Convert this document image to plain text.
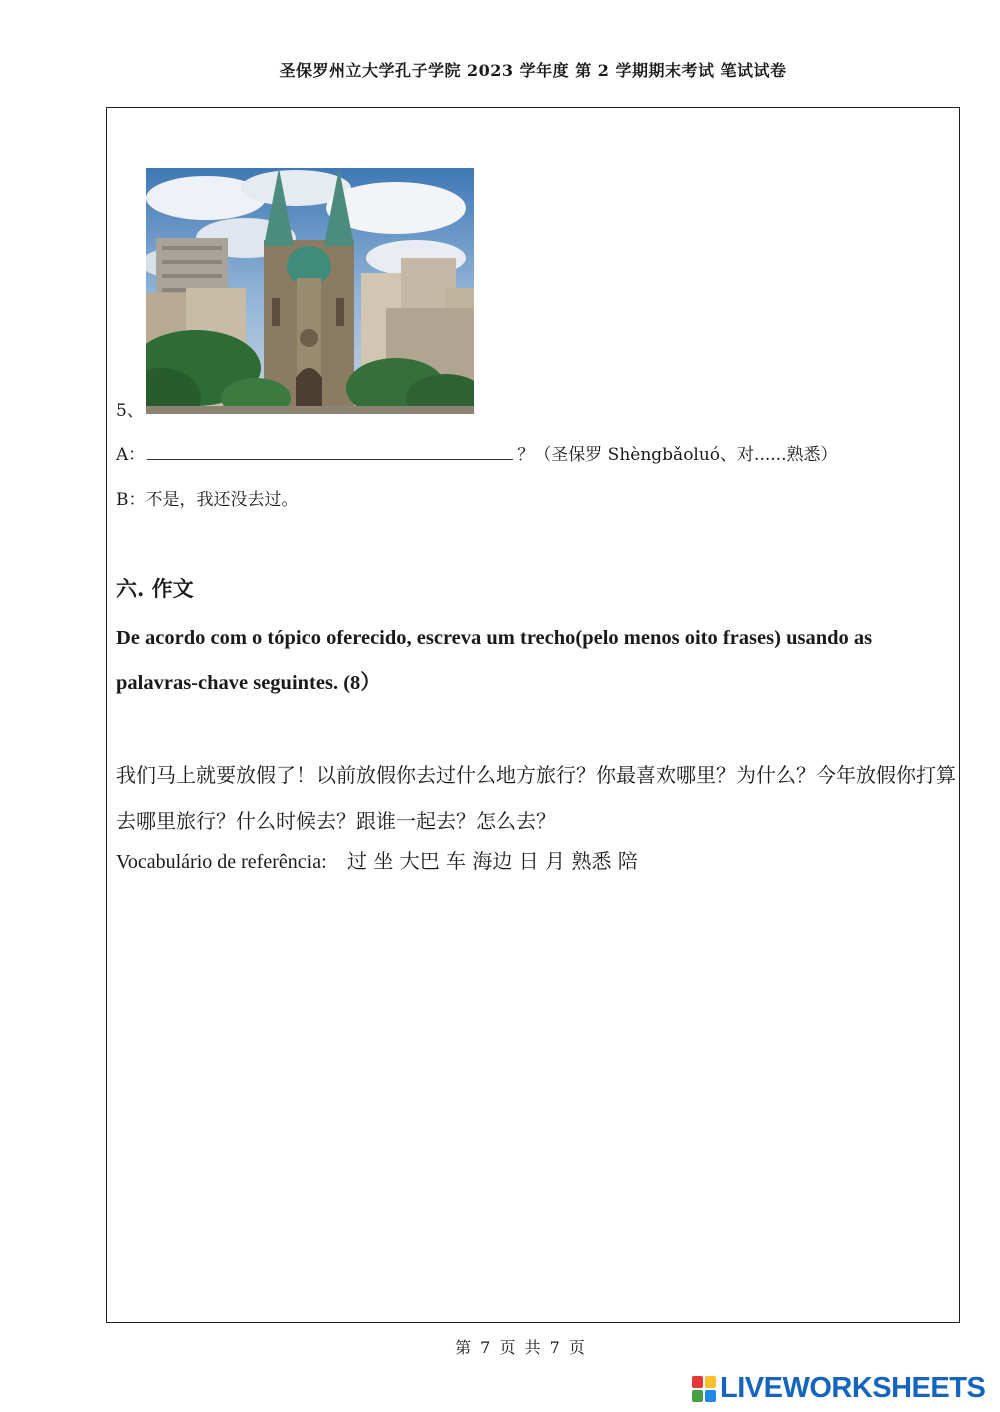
圣保罗州立大学孔子学院 2023 学年度 第 2 学期期末考试 笔试试卷
5、
A：	？（圣保罗 Shèngbǎoluó、对......熟悉）
B：不是，我还没去过。
六. 作文
De acordo com o tópico oferecido, escreva um trecho(pelo menos oito frases) usando as palavras-chave seguintes. (8）
我们马上就要放假了！以前放假你去过什么地方旅行？你最喜欢哪里？为什么？今年放假你打算去哪里旅行？什么时候去？跟谁一起去？怎么去？
Vocabulário de referência: 过 坐 大巴 车 海边 日 月 熟悉 陪
第 7 页 共 7 页
LIVEWORKSHEETS
